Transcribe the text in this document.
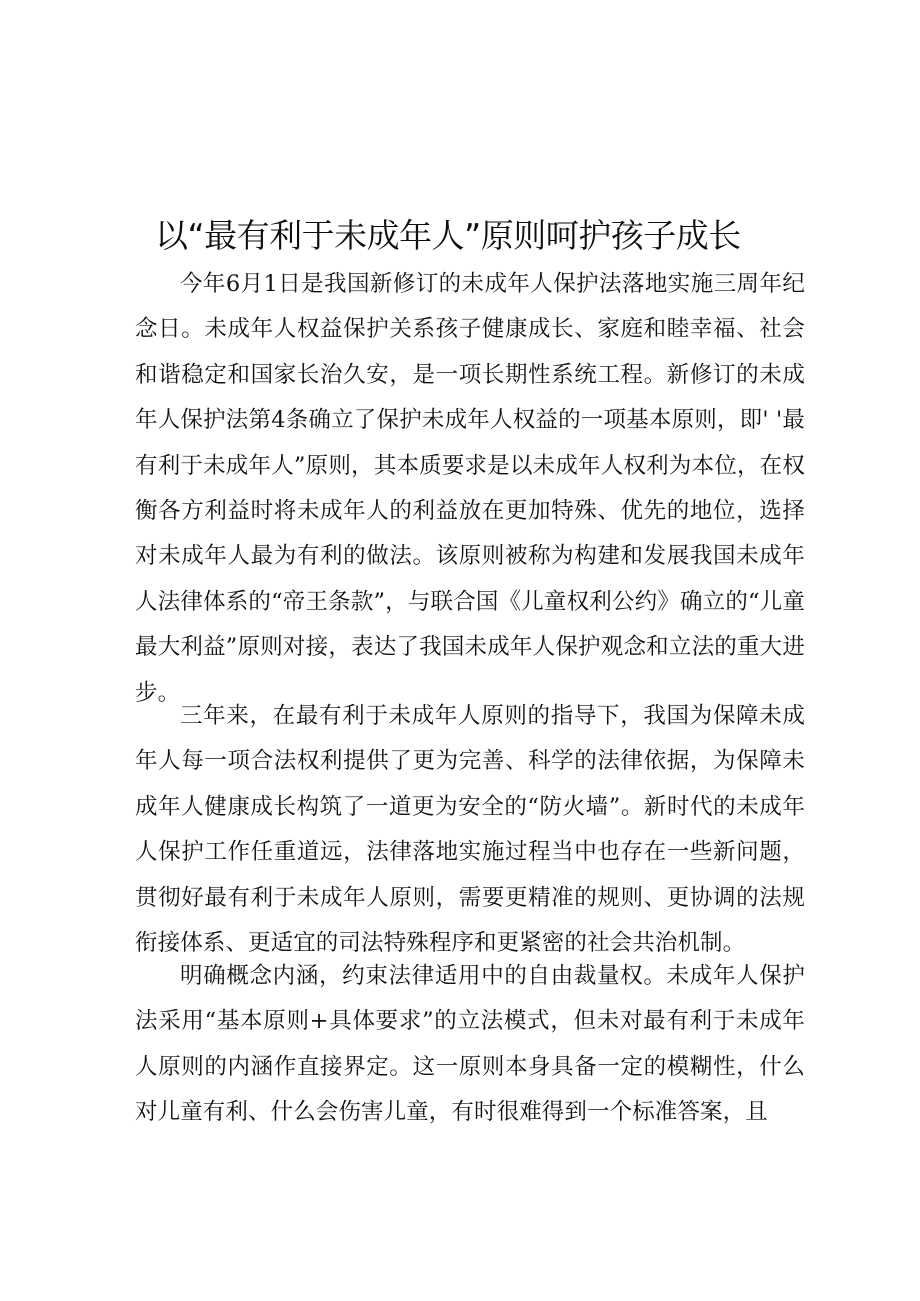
以“最有利于未成年人”原则呵护孩子成长

今年6月1日是我国新修订的未成年人保护法落地实施三周年纪念日。未成年人权益保护关系孩子健康成长、家庭和睦幸福、社会和谐稳定和国家长治久安，是一项长期性系统工程。新修订的未成年人保护法第4条确立了保护未成年人权益的一项基本原则，即' '最有利于未成年人”原则，其本质要求是以未成年人权利为本位，在权衡各方利益时将未成年人的利益放在更加特殊、优先的地位，选择对未成年人最为有利的做法。该原则被称为构建和发展我国未成年人法律体系的“帝王条款”，与联合国《儿童权利公约》确立的“儿童最大利益”原则对接，表达了我国未成年人保护观念和立法的重大进步。

三年来，在最有利于未成年人原则的指导下，我国为保障未成年人每一项合法权利提供了更为完善、科学的法律依据，为保障未成年人健康成长构筑了一道更为安全的“防火墙”。新时代的未成年人保护工作任重道远，法律落地实施过程当中也存在一些新问题，贯彻好最有利于未成年人原则，需要更精准的规则、更协调的法规衔接体系、更适宜的司法特殊程序和更紧密的社会共治机制。

明确概念内涵，约束法律适用中的自由裁量权。未成年人保护法采用“基本原则+具体要求”的立法模式，但未对最有利于未成年人原则的内涵作直接界定。这一原则本身具备一定的模糊性，什么对儿童有利、什么会伤害儿童，有时很难得到一个标准答案，且
